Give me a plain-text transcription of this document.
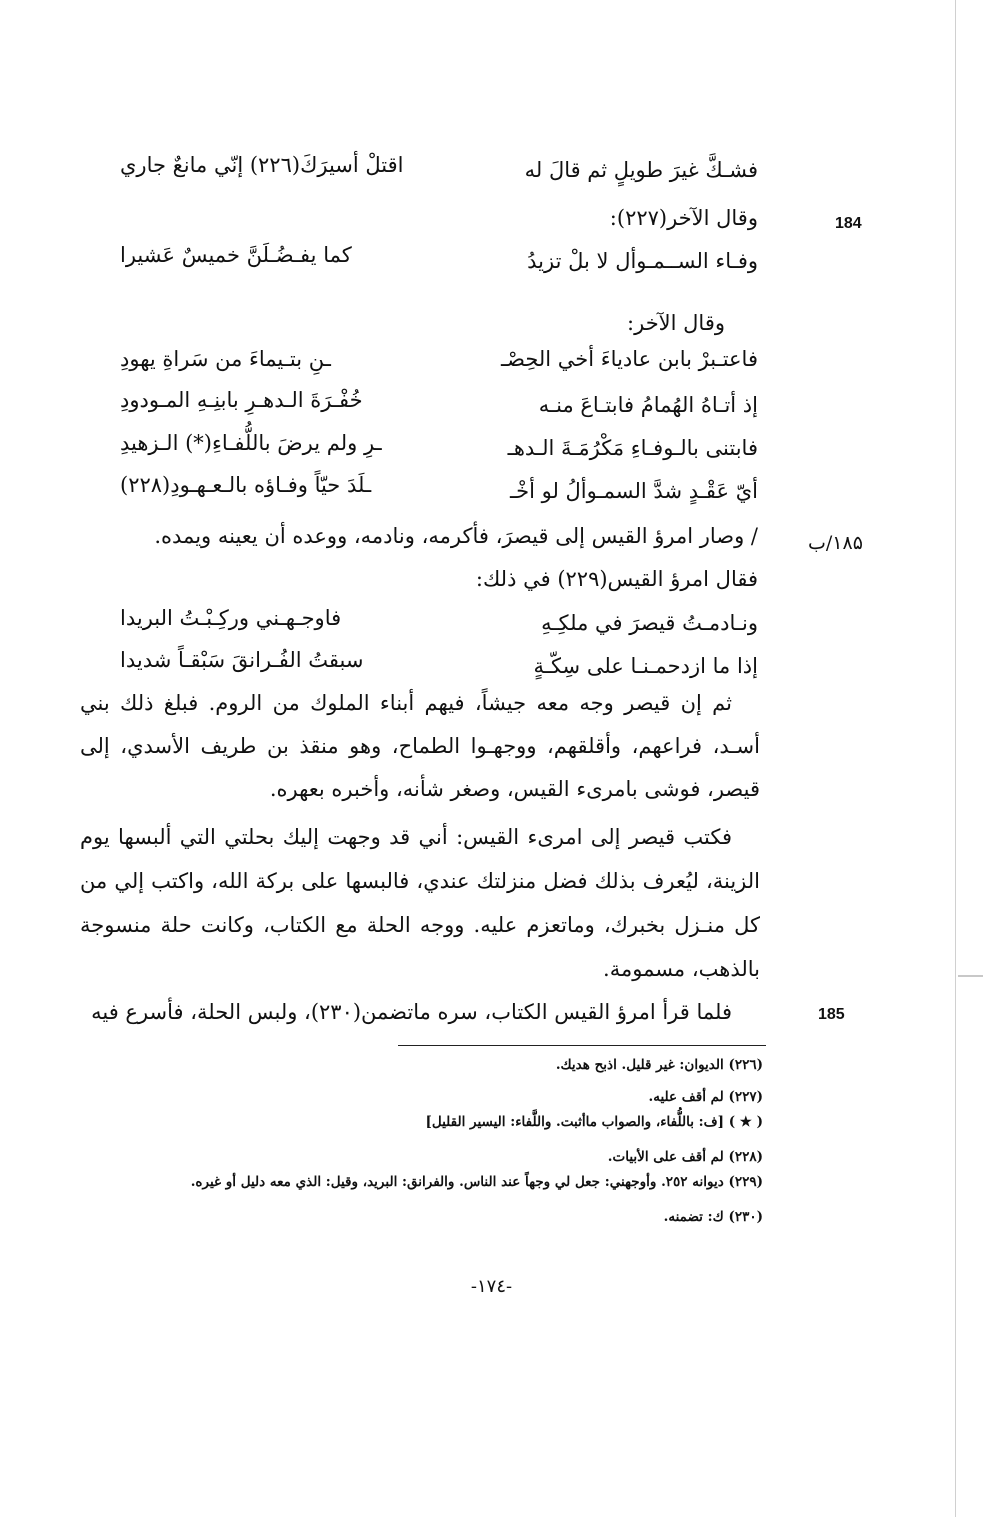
184
۱۸۵/ب
185
فشـكَّ غيرَ طويلٍ ثم قالَ له
اقتلْ أسيرَكَ(٢٢٦) إنّي مانعٌ جاري
وقال الآخر(٢٢٧):
وفـاء الســمـوأل لا بلْ تزيدُ
كما يفـضُـلَنَّ خميسٌ عَشيرا
وقال الآخر:
فاعتـبرْ بابن عادياءَ أخي الحِصْـ
ـنِ بتـيماءَ من سَراةِ يهودِ
إذ أتـاهُ الهُمامُ فابتـاعَ منـه
خُفْـرَةَ الـدهـرِ بابنِـهِ المـودودِ
فابتنى بالـوفـاءِ مَكْرُمَـةَ الـدهـ
ـرِ ولم يرضَ باللُّفـاءِ(*) الـزهيدِ
أيّ عَقْـدٍ شدَّ السمـوألُ لو أخْـ
ـلَدَ حيّاً وفـاؤه بالـعـهـودِ(٢٢٨)
/ وصار امرؤ القيس إلى قيصرَ، فأكرمه، ونادمه، ووعده أن يعينه ويمده.
فقال امرؤ القيس(٢٢٩) في ذلك:
ونـادمـتُ قيصرَ في ملكِـهِ
فاوجـهـني وركِـبْـتُ البريدا
إذا ما ازدحمـنـا على سِكّـةٍ
سبقتُ الفُـرانقَ سَبْقـاً شديدا

ثم إن قيصر وجه معه جيشاً، فيهم أبناء الملوك من الروم. فبلغ ذلك بني أسـد، فراعهم، وأقلقهم، ووجهـوا الطماح، وهو منقذ بن طريف الأسدي، إلى قيصر، فوشى بامرىء القيس، وصغر شأنه، وأخبره بعهره.

فكتب قيصر إلى امرىء القيس: أني قد وجهت إليك بحلتي التي ألبسها يوم الزينة، ليُعرف بذلك فضل منزلتك عندي، فالبسها على بركة الله، واكتب إلي من كل منـزل بخبرك، وماتعزم عليه. ووجه الحلة مع الكتاب، وكانت حلة منسوجة بالذهب، مسمومة.

فلما قرأ امرؤ القيس الكتاب، سره ماتضمن(٢٣٠)، ولبس الحلة، فأسرع فيه

(٢٢٦) الديوان: غير قليل. اذبح هديك.
(٢٢٧) لم أقف عليه.
( ★ ) [ف: باللُّفاء، والصواب ماأثبت. واللَّفاء: اليسير القليل]
(٢٢٨) لم أقف على الأبيات.
(٢٢٩) ديوانه ٢٥٢. وأوجهني: جعل لي وجهاً عند الناس. والفرانق: البريد، وقيل: الذي معه دليل أو غيره.
(٢٣٠) ك: تضمنه.
-١٧٤-
